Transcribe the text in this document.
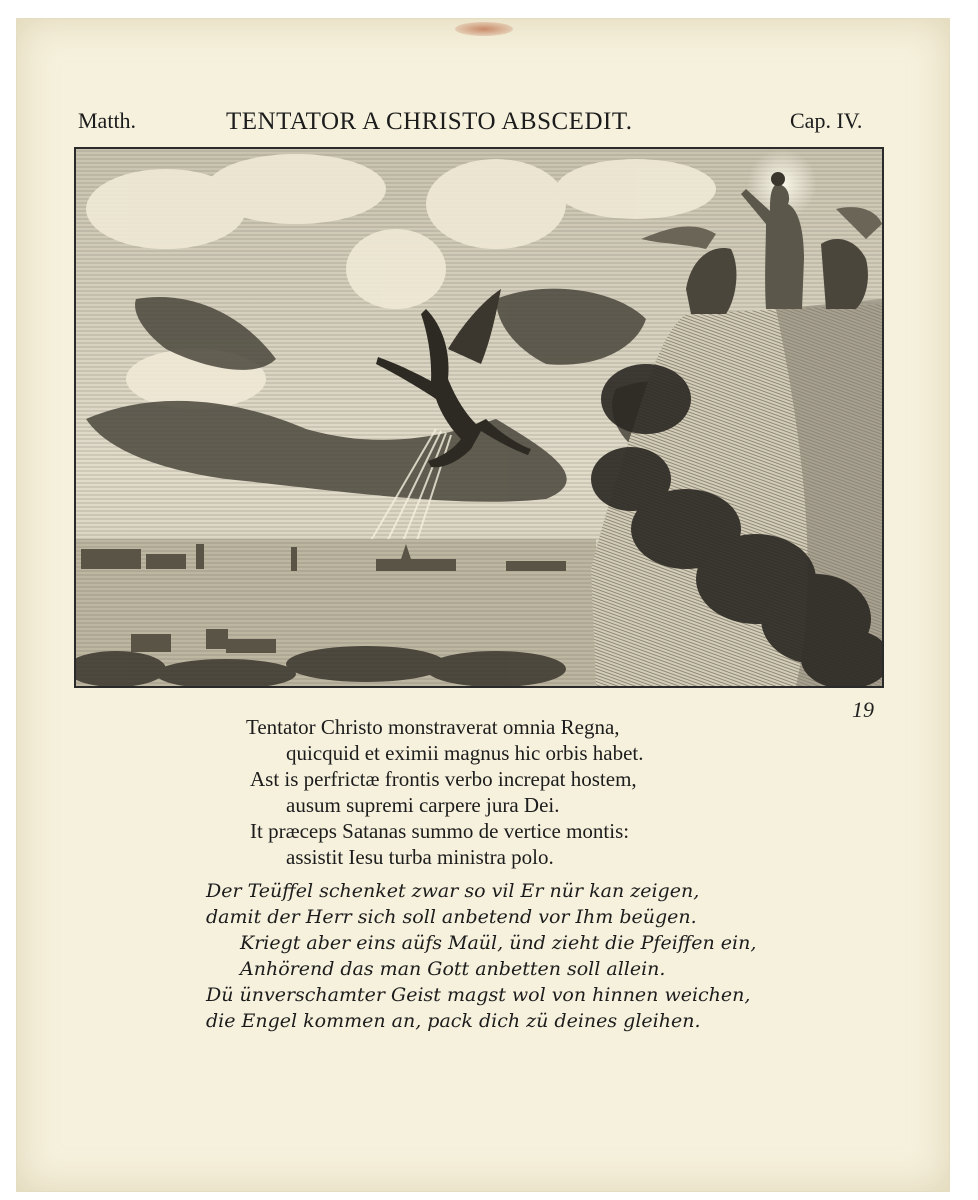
Matth.	TENTATOR A CHRISTO ABSCEDIT.	Cap. IV.
19
Tentator Christo monstraverat omnia Regna,
quicquid et eximii magnus hic orbis habet.
Ast is perfrictæ frontis verbo increpat hostem,
ausum supremi carpere jura Dei.
It præceps Satanas summo de vertice montis:
assistit Iesu turba ministra polo.
Der Teüffel schenket zwar so vil Er nür kan zeigen,
damit der Herr sich soll anbetend vor Ihm beügen.
Kriegt aber eins aüfs Maül, ünd zieht die Pfeiffen ein,
Anhörend das man Gott anbetten soll allein.
Dü ünverschamter Geist magst wol von hinnen weichen,
die Engel kommen an, pack dich zü deines gleihen.
